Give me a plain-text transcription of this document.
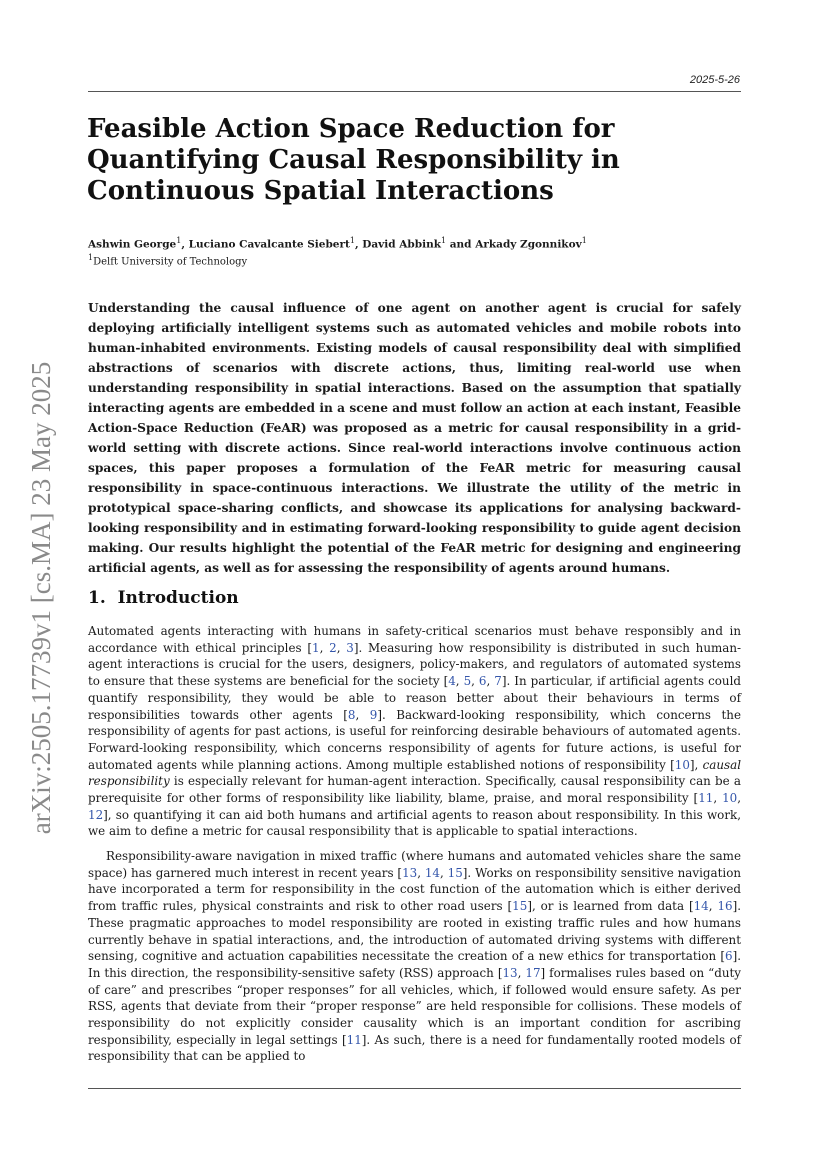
arXiv:2505.17739v1 [cs.MA] 23 May 2025
2025-5-26
Feasible Action Space Reduction for Quantifying Causal Responsibility in Continuous Spatial Interactions
Ashwin George$^1$, Luciano Cavalcante Siebert$^1$, David Abbink$^1$ and Arkady Zgonnikov$^1$
$^1$Delft University of Technology

Understanding the causal influence of one agent on another agent is crucial for safely deploying artificially intelligent systems such as automated vehicles and mobile robots into human-inhabited environments. Existing models of causal responsibility deal with simplified abstractions of scenarios with discrete actions, thus, limiting real-world use when understanding responsibility in spatial interactions. Based on the assumption that spatially interacting agents are embedded in a scene and must follow an action at each instant, Feasible Action-Space Reduction (FeAR) was proposed as a metric for causal responsibility in a grid-world setting with discrete actions. Since real-world interactions involve continuous action spaces, this paper proposes a formulation of the FeAR metric for measuring causal responsibility in space-continuous interactions. We illustrate the utility of the metric in prototypical space-sharing conflicts, and showcase its applications for analysing backward-looking responsibility and in estimating forward-looking responsibility to guide agent decision making. Our results highlight the potential of the FeAR metric for designing and engineering artificial agents, as well as for assessing the responsibility of agents around humans.

1. Introduction

Automated agents interacting with humans in safety-critical scenarios must behave responsibly and in accordance with ethical principles [1, 2, 3]. Measuring how responsibility is distributed in such human-agent interactions is crucial for the users, designers, policy-makers, and regulators of automated systems to ensure that these systems are beneficial for the society [4, 5, 6, 7]. In particular, if artificial agents could quantify responsibility, they would be able to reason better about their behaviours in terms of responsibilities towards other agents [8, 9]. Backward-looking responsibility, which concerns the responsibility of agents for past actions, is useful for reinforcing desirable behaviours of automated agents. Forward-looking responsibility, which concerns responsibility of agents for future actions, is useful for automated agents while planning actions. Among multiple established notions of responsibility [10], causal responsibility is especially relevant for human-agent interaction. Specifically, causal responsibility can be a prerequisite for other forms of responsibility like liability, blame, praise, and moral responsibility [11, 10, 12], so quantifying it can aid both humans and artificial agents to reason about responsibility. In this work, we aim to define a metric for causal responsibility that is applicable to spatial interactions.

Responsibility-aware navigation in mixed traffic (where humans and automated vehicles share the same space) has garnered much interest in recent years [13, 14, 15]. Works on responsibility sensitive navigation have incorporated a term for responsibility in the cost function of the automation which is either derived from traffic rules, physical constraints and risk to other road users [15], or is learned from data [14, 16]. These pragmatic approaches to model responsibility are rooted in existing traffic rules and how humans currently behave in spatial interactions, and, the introduction of automated driving systems with different sensing, cognitive and actuation capabilities necessitate the creation of a new ethics for transportation [6]. In this direction, the responsibility-sensitive safety (RSS) approach [13, 17] formalises rules based on “duty of care” and prescribes “proper responses” for all vehicles, which, if followed would ensure safety. As per RSS, agents that deviate from their “proper response” are held responsible for collisions. These models of responsibility do not explicitly consider causality which is an important condition for ascribing responsibility, especially in legal settings [11]. As such, there is a need for fundamentally rooted models of responsibility that can be applied to
